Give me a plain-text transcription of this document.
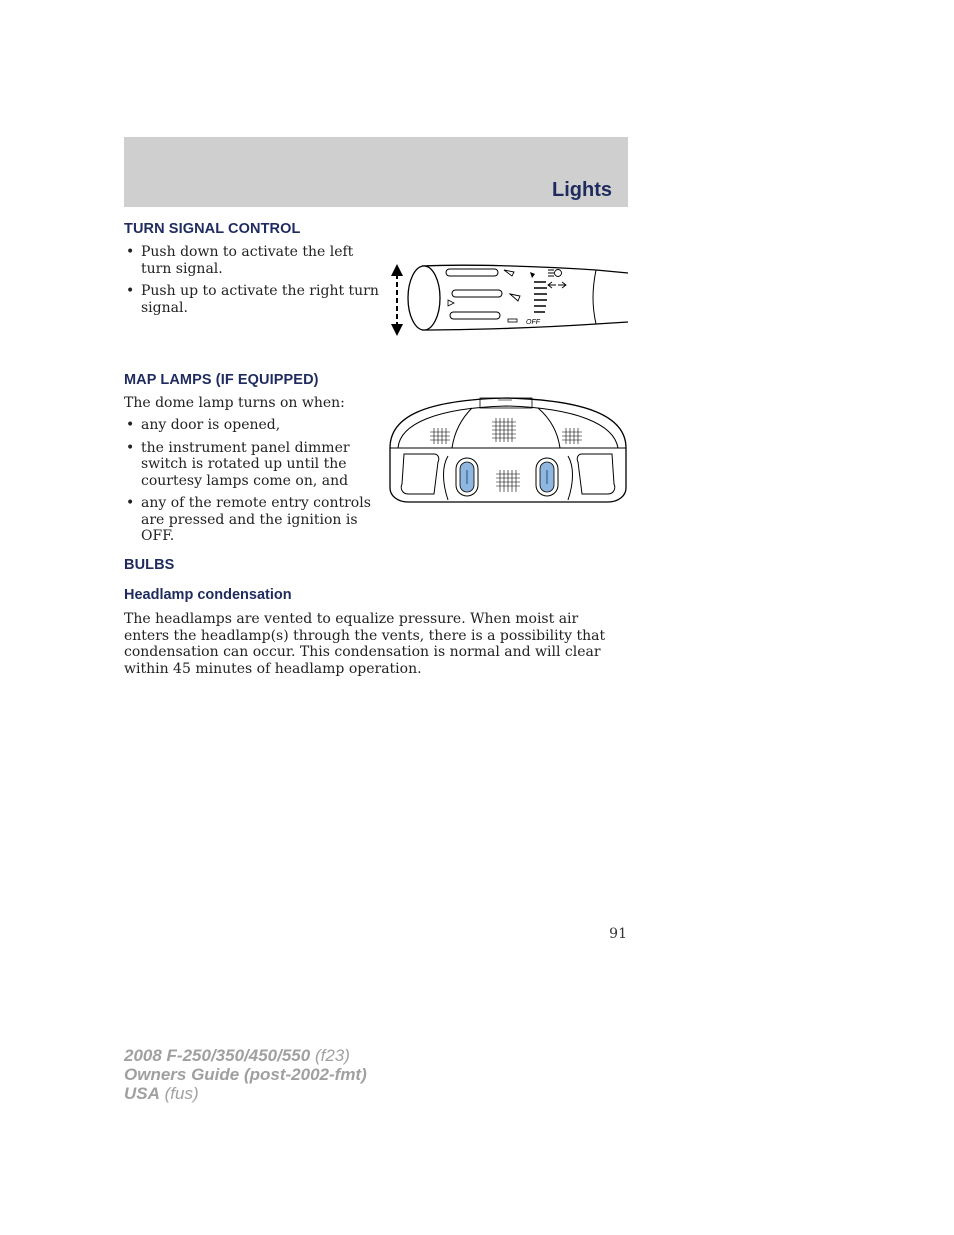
Lights
TURN SIGNAL CONTROL
• Push down to activate the left turn signal.
• Push up to activate the right turn signal.
OFF
MAP LAMPS (IF EQUIPPED)
The dome lamp turns on when:
• any door is opened,
• the instrument panel dimmer switch is rotated up until the courtesy lamps come on, and
• any of the remote entry controls are pressed and the ignition is OFF.
BULBS
Headlamp condensation
The headlamps are vented to equalize pressure. When moist air enters the headlamp(s) through the vents, there is a possibility that condensation can occur. This condensation is normal and will clear within 45 minutes of headlamp operation.
91
2008 F-250/350/450/550 (f23)
Owners Guide (post-2002-fmt)
USA (fus)
